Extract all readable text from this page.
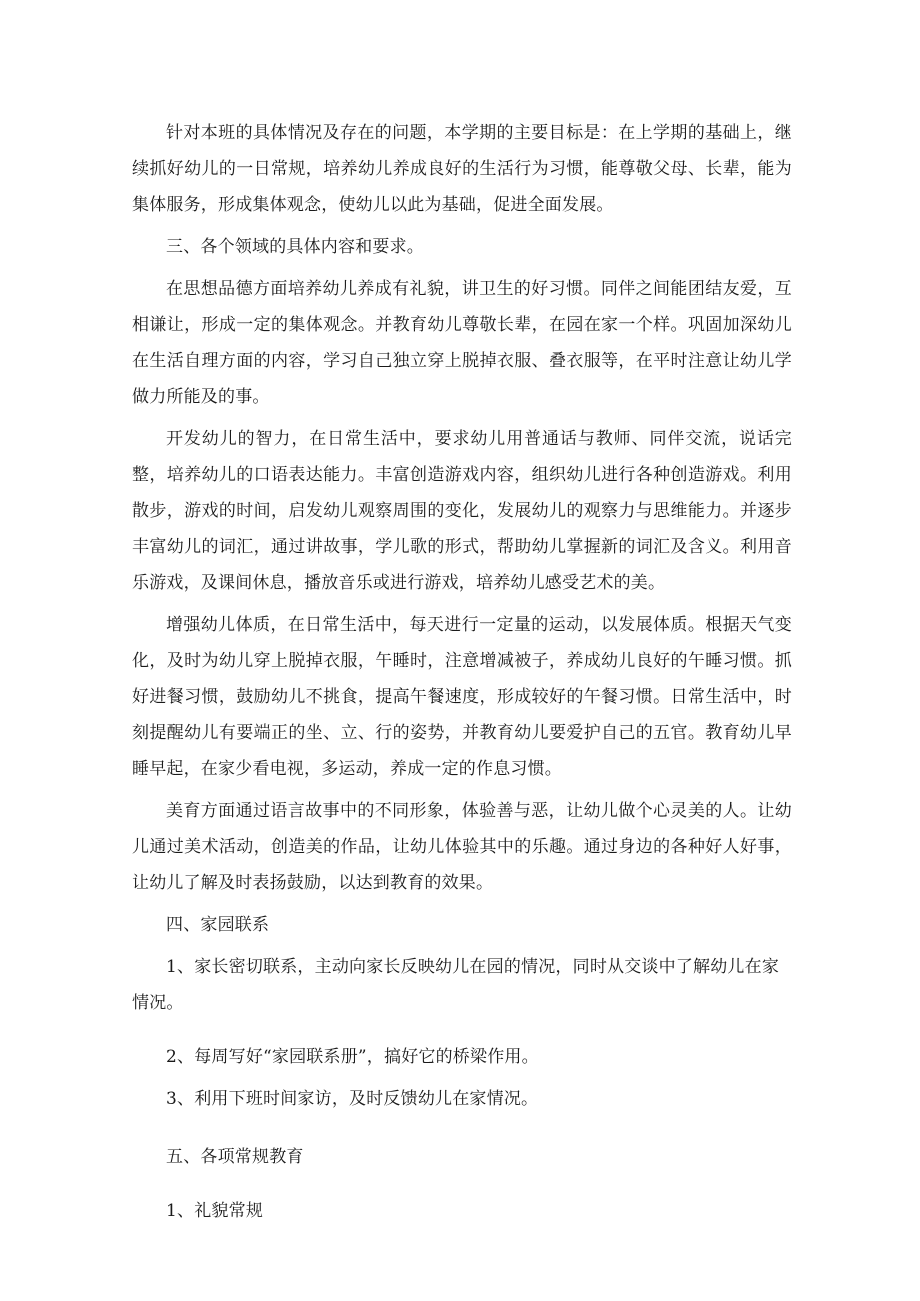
针对本班的具体情况及存在的问题，本学期的主要目标是：在上学期的基础上，继续抓好幼儿的一日常规，培养幼儿养成良好的生活行为习惯，能尊敬父母、长辈，能为集体服务，形成集体观念，使幼儿以此为基础，促进全面发展。

三、各个领域的具体内容和要求。

在思想品德方面培养幼儿养成有礼貌，讲卫生的好习惯。同伴之间能团结友爱，互相谦让，形成一定的集体观念。并教育幼儿尊敬长辈，在园在家一个样。巩固加深幼儿在生活自理方面的内容，学习自己独立穿上脱掉衣服、叠衣服等，在平时注意让幼儿学做力所能及的事。

开发幼儿的智力，在日常生活中，要求幼儿用普通话与教师、同伴交流，说话完整，培养幼儿的口语表达能力。丰富创造游戏内容，组织幼儿进行各种创造游戏。利用散步，游戏的时间，启发幼儿观察周围的变化，发展幼儿的观察力与思维能力。并逐步丰富幼儿的词汇，通过讲故事，学儿歌的形式，帮助幼儿掌握新的词汇及含义。利用音乐游戏，及课间休息，播放音乐或进行游戏，培养幼儿感受艺术的美。

增强幼儿体质，在日常生活中，每天进行一定量的运动，以发展体质。根据天气变化，及时为幼儿穿上脱掉衣服，午睡时，注意增减被子，养成幼儿良好的午睡习惯。抓好进餐习惯，鼓励幼儿不挑食，提高午餐速度，形成较好的午餐习惯。日常生活中，时刻提醒幼儿有要端正的坐、立、行的姿势，并教育幼儿要爱护自己的五官。教育幼儿早睡早起，在家少看电视，多运动，养成一定的作息习惯。

美育方面通过语言故事中的不同形象，体验善与恶，让幼儿做个心灵美的人。让幼儿通过美术活动，创造美的作品，让幼儿体验其中的乐趣。通过身边的各种好人好事，让幼儿了解及时表扬鼓励，以达到教育的效果。

四、家园联系

1、家长密切联系，主动向家长反映幼儿在园的情况，同时从交谈中了解幼儿在家情况。

2、每周写好“家园联系册”，搞好它的桥梁作用。

3、利用下班时间家访，及时反馈幼儿在家情况。

五、各项常规教育

1、礼貌常规
